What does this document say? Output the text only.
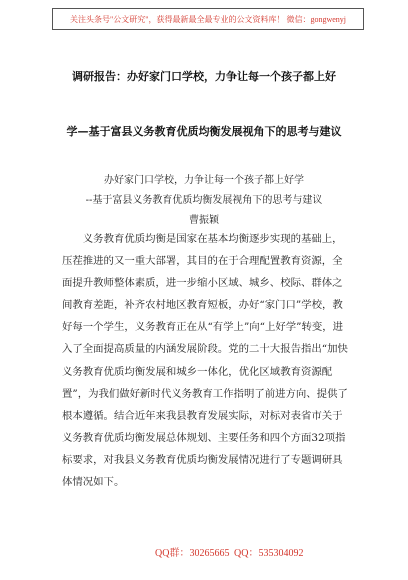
关注头条号"公文研究"，获得最新最全最专业的公文资料库！ 微信：gongwenyj
调研报告：办好家门口学校，力争让每一个孩子都上好
学—基于富县义务教育优质均衡发展视角下的思考与建议
办好家门口学校，力争让每一个孩子都上好学
--基于富县义务教育优质均衡发展视角下的思考与建议
曹振颖

义务教育优质均衡是国家在基本均衡逐步实现的基础上，压茬推进的又一重大部署，其目的在于合理配置教育资源，全面提升教师整体素质，进一步缩小区域、城乡、校际、群体之间教育差距，补齐农村地区教育短板，办好“家门口”学校，教好每一个学生，义务教育正在从“有学上”向“上好学”转变，进入了全面提高质量的内涵发展阶段。党的二十大报告指出“加快义务教育优质均衡发展和城乡一体化，优化区域教育资源配置”，为我们做好新时代义务教育工作指明了前进方向、提供了根本遵循。结合近年来我县教育发展实际，对标对表省市关于义务教育优质均衡发展总体规划、主要任务和四个方面32项指标要求，对我县义务教育优质均衡发展情况进行了专题调研具体情况如下。

QQ群：30265665 QQ：535304092
